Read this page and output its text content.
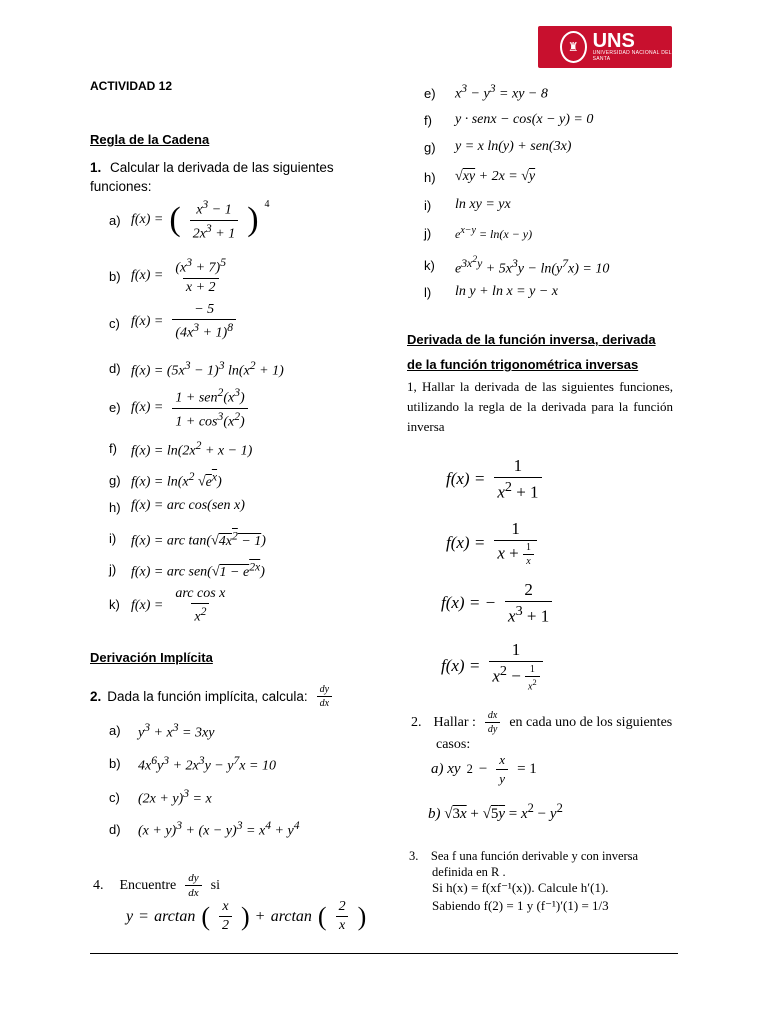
♜ UNS
UNIVERSIDAD NACIONAL DEL SANTA
ACTIVIDAD 12
Regla de la Cadena
1. Calcular la derivada de las siguientes funciones:
a) f(x) = ( $\frac{x^3 - 1}{2x^3 + 1}$ ) $^4$
b) $f(x) = \frac{(x^3 + 7)^5}{x + 2}$
c) $f(x) = \frac{- 5}{(4x^3 + 1)^8}$
d) $f(x) = (5x^3 - 1)^3$ $\ln(x^2 + 1)$
e) $f(x) = \frac{1 + sen^2(x^3)}{1 + \cos^3(x^2)}$
f) $f(x) = \ln(2x^2 + x - 1)$
g) $f(x) = \ln(x^2$ $√e^x$)
h) f(x) = arc cos(sen x)
i) f(x) = arc $\tan(√4x^2 - 1)$
j) f(x) = arc $sen(√1 - e^{2x})$
k) $f(x) = \frac{\text{arc cos x}}{x^2}$
Derivación Implícita
2. Dada la función implícita, calcula: $\frac{dy}{dx}$
a) $y^3 + x^3 = 3xy$
b) $4x^6y^3 + 2x^3y - y^7x = 10$
c) $(2x + y)^3 = x$
d) $(x + y)^3 + (x - y)^3 = x^4 + y^4$
4. Encuentre $\frac{dy}{dx}$ si
y = arctan ( $\frac{x}{2}$ ) + arctan ( $\frac{2}{x}$ )
e) $x^3 - y^3$ = xy − 8
f) y · senx − cos(x − y) = 0
g) y = x ln(y) + sen(3x)
h) √xy + 2x = √y
i) ln xy = yx
j) $e^{x-y} = \ln(x - y)$
k) $e^{3x^2y} + 5x^3y - \ln(y^7x) = 10$
l) ln y + ln x = y − x
Derivada de la función inversa, derivada
de la función trigonométrica inversas
1, Hallar la derivada de las siguientes funciones, utilizando la regla de la derivada para la función inversa
$f(x) = \frac{1}{x^2 + 1}$
$f(x) = \frac{1}{x + \frac{1}{x}}$
f(x) = − $\frac{2}{x^3 + 1}$
$f(x) = \frac{1}{x^2 - \frac{1}{x^2}}$
2. Hallar : $\frac{dx}{dy}$ en cada uno de los siguientes
casos:
a) xy $2 - \frac{x}{y} = 1$
b) $√3x + √5y = x^2 - y^2$
3. Sea f una función derivable y con inversa
definida en R .
Si h(x) = f(xf⁻¹(x)). Calcule h′(1).
Sabiendo f(2) = 1 y (f⁻¹)′(1) = 1/3
